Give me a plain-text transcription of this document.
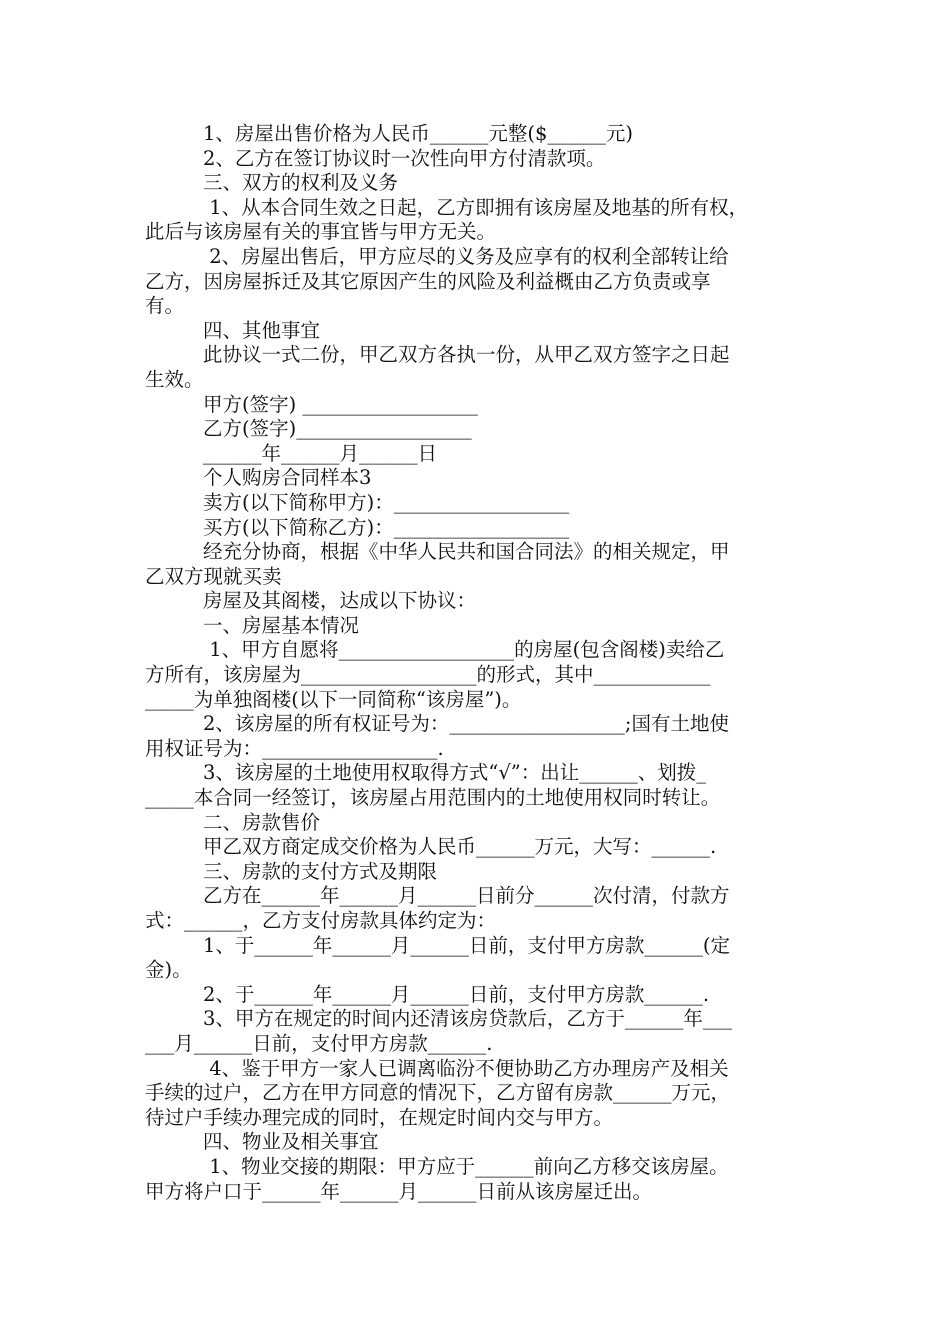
1、房屋出售价格为人民币______元整($______元)

2、乙方在签订协议时一次性向甲方付清款项。

三、双方的权利及义务

1、从本合同生效之日起，乙方即拥有该房屋及地基的所有权，

此后与该房屋有关的事宜皆与甲方无关。

2、房屋出售后，甲方应尽的义务及应享有的权利全部转让给

乙方，因房屋拆迁及其它原因产生的风险及利益概由乙方负责或享

有。

四、其他事宜

此协议一式二份，甲乙双方各执一份，从甲乙双方签字之日起

生效。

甲方(签字) __________________

乙方(签字)__________________

______年______月______日

个人购房合同样本3

卖方(以下简称甲方)：__________________

买方(以下简称乙方)：__________________

经充分协商，根据《中华人民共和国合同法》的相关规定，甲

乙双方现就买卖

房屋及其阁楼，达成以下协议：

一、房屋基本情况

1、甲方自愿将__________________的房屋(包含阁楼)卖给乙

方所有，该房屋为__________________的形式，其中____________

_____为单独阁楼(以下一同简称“该房屋”)。

2、该房屋的所有权证号为：__________________;国有土地使

用权证号为：__________________.

3、该房屋的土地使用权取得方式“√”：出让______、划拨_

_____本合同一经签订，该房屋占用范围内的土地使用权同时转让。

二、房款售价

甲乙双方商定成交价格为人民币______万元，大写：______.

三、房款的支付方式及期限

乙方在______年______月______日前分______次付清，付款方

式：______，乙方支付房款具体约定为：

1、于______年______月______日前，支付甲方房款______(定

金)。

2、于______年______月______日前，支付甲方房款______.

3、甲方在规定的时间内还清该房贷款后，乙方于______年___

___月______日前，支付甲方房款______.

4、鉴于甲方一家人已调离临汾不便协助乙方办理房产及相关

手续的过户，乙方在甲方同意的情况下，乙方留有房款______万元，

待过户手续办理完成的同时，在规定时间内交与甲方。

四、物业及相关事宜

1、物业交接的期限：甲方应于______前向乙方移交该房屋。

甲方将户口于______年______月______日前从该房屋迁出。
